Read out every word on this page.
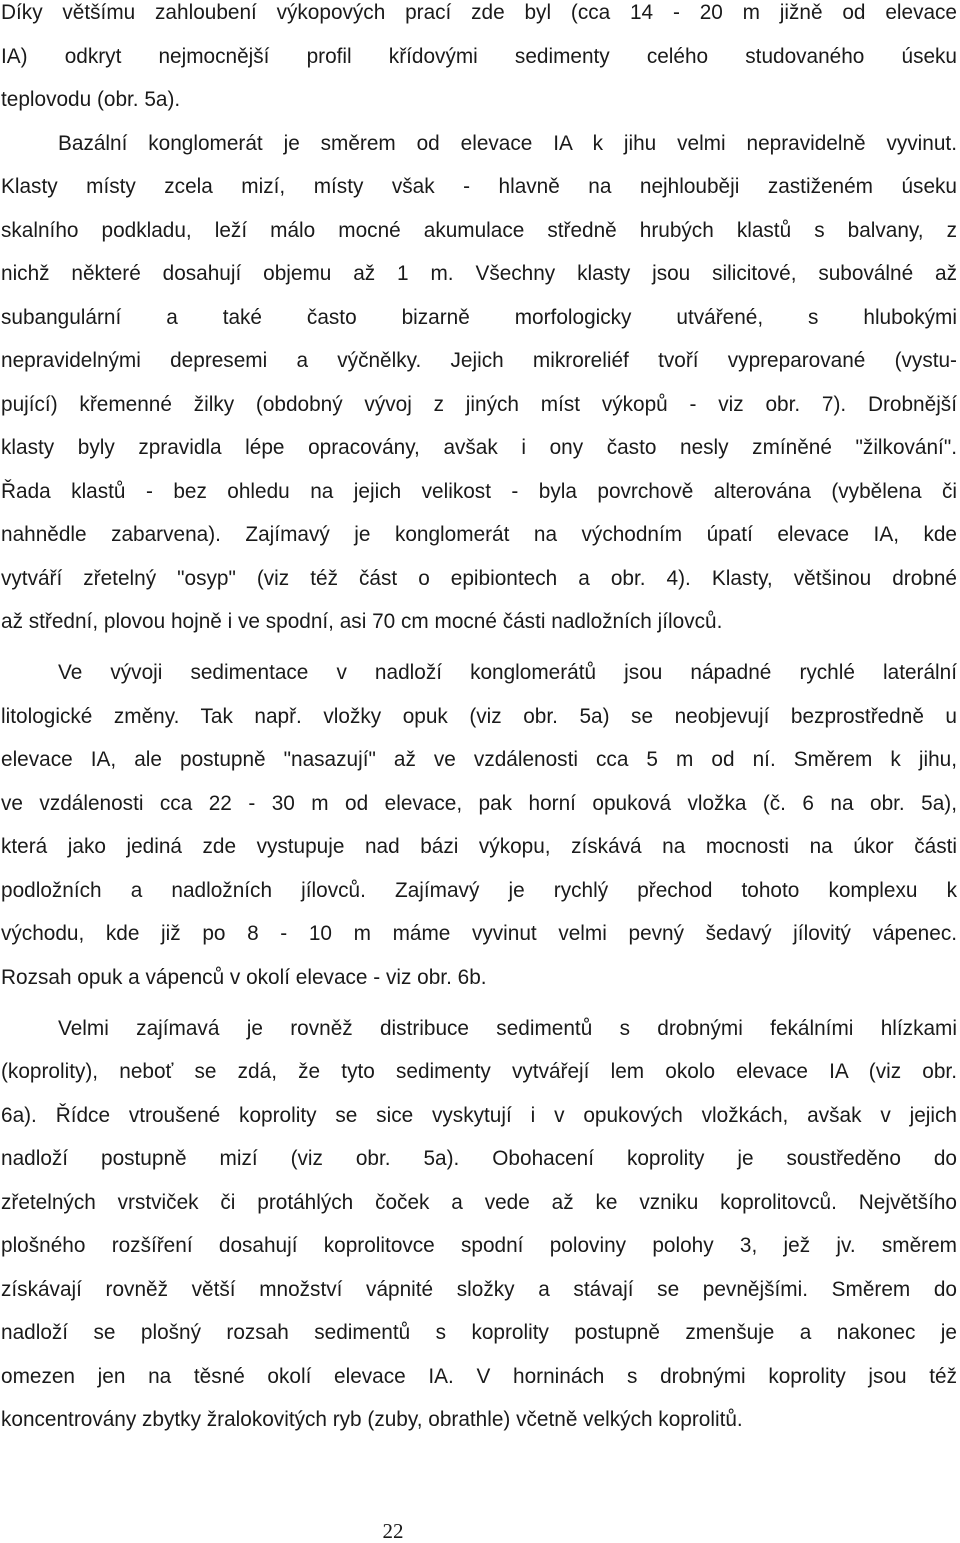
Díky většímu zahloubení výkopových prací zde byl (cca 14 - 20 m jižně od elevace
IA) odkryt nejmocnější profil křídovými sedimenty celého studovaného úseku
teplovodu (obr. 5a).
Bazální konglomerát je směrem od elevace IA k jihu velmi nepravidelně vyvinut.
Klasty místy zcela mizí, místy však - hlavně na nejhlouběji zastiženém úseku
skalního podkladu, leží málo mocné akumulace středně hrubých klastů s balvany, z
nichž některé dosahují objemu až 1 m. Všechny klasty jsou silicitové, suboválné až
subangulární a také často bizarně morfologicky utvářené, s hlubokými
nepravidelnými depresemi a výčnělky. Jejich mikroreliéf tvoří vypreparované (vystu-
pující) křemenné žilky (obdobný vývoj z jiných míst výkopů - viz obr. 7). Drobnější
klasty byly zpravidla lépe opracovány, avšak i ony často nesly zmíněné "žilkování".
Řada klastů - bez ohledu na jejich velikost - byla povrchově alterována (vybělena či
nahnědle zabarvena). Zajímavý je konglomerát na východním úpatí elevace IA, kde
vytváří zřetelný "osyp" (viz též část o epibiontech a obr. 4). Klasty, většinou drobné
až střední, plovou hojně i ve spodní, asi 70 cm mocné části nadložních jílovců.
Ve vývoji sedimentace v nadloží konglomerátů jsou nápadné rychlé laterální
litologické změny. Tak např. vložky opuk (viz obr. 5a) se neobjevují bezprostředně u
elevace IA, ale postupně "nasazují" až ve vzdálenosti cca 5 m od ní. Směrem k jihu,
ve vzdálenosti cca 22 - 30 m od elevace, pak horní opuková vložka (č. 6 na obr. 5a),
která jako jediná zde vystupuje nad bázi výkopu, získává na mocnosti na úkor části
podložních a nadložních jílovců. Zajímavý je rychlý přechod tohoto komplexu k
východu, kde již po 8 - 10 m máme vyvinut velmi pevný šedavý jílovitý vápenec.
Rozsah opuk a vápenců v okolí elevace - viz obr. 6b.
Velmi zajímavá je rovněž distribuce sedimentů s drobnými fekálními hlízkami
(koprolity), neboť se zdá, že tyto sedimenty vytvářejí lem okolo elevace IA (viz obr.
6a). Řídce vtroušené koprolity se sice vyskytují i v opukových vložkách, avšak v jejich
nadloží postupně mizí (viz obr. 5a). Obohacení koprolity je soustředěno do
zřetelných vrstviček či protáhlých čoček a vede až ke vzniku koprolitovců. Největšího
plošného rozšíření dosahují koprolitovce spodní poloviny polohy 3, jež jv. směrem
získávají rovněž větší množství vápnité složky a stávají se pevnějšími. Směrem do
nadloží se plošný rozsah sedimentů s koprolity postupně zmenšuje a nakonec je
omezen jen na těsné okolí elevace IA. V horninách s drobnými koprolity jsou též
koncentrovány zbytky žralokovitých ryb (zuby, obrathle) včetně velkých koprolitů.
22
